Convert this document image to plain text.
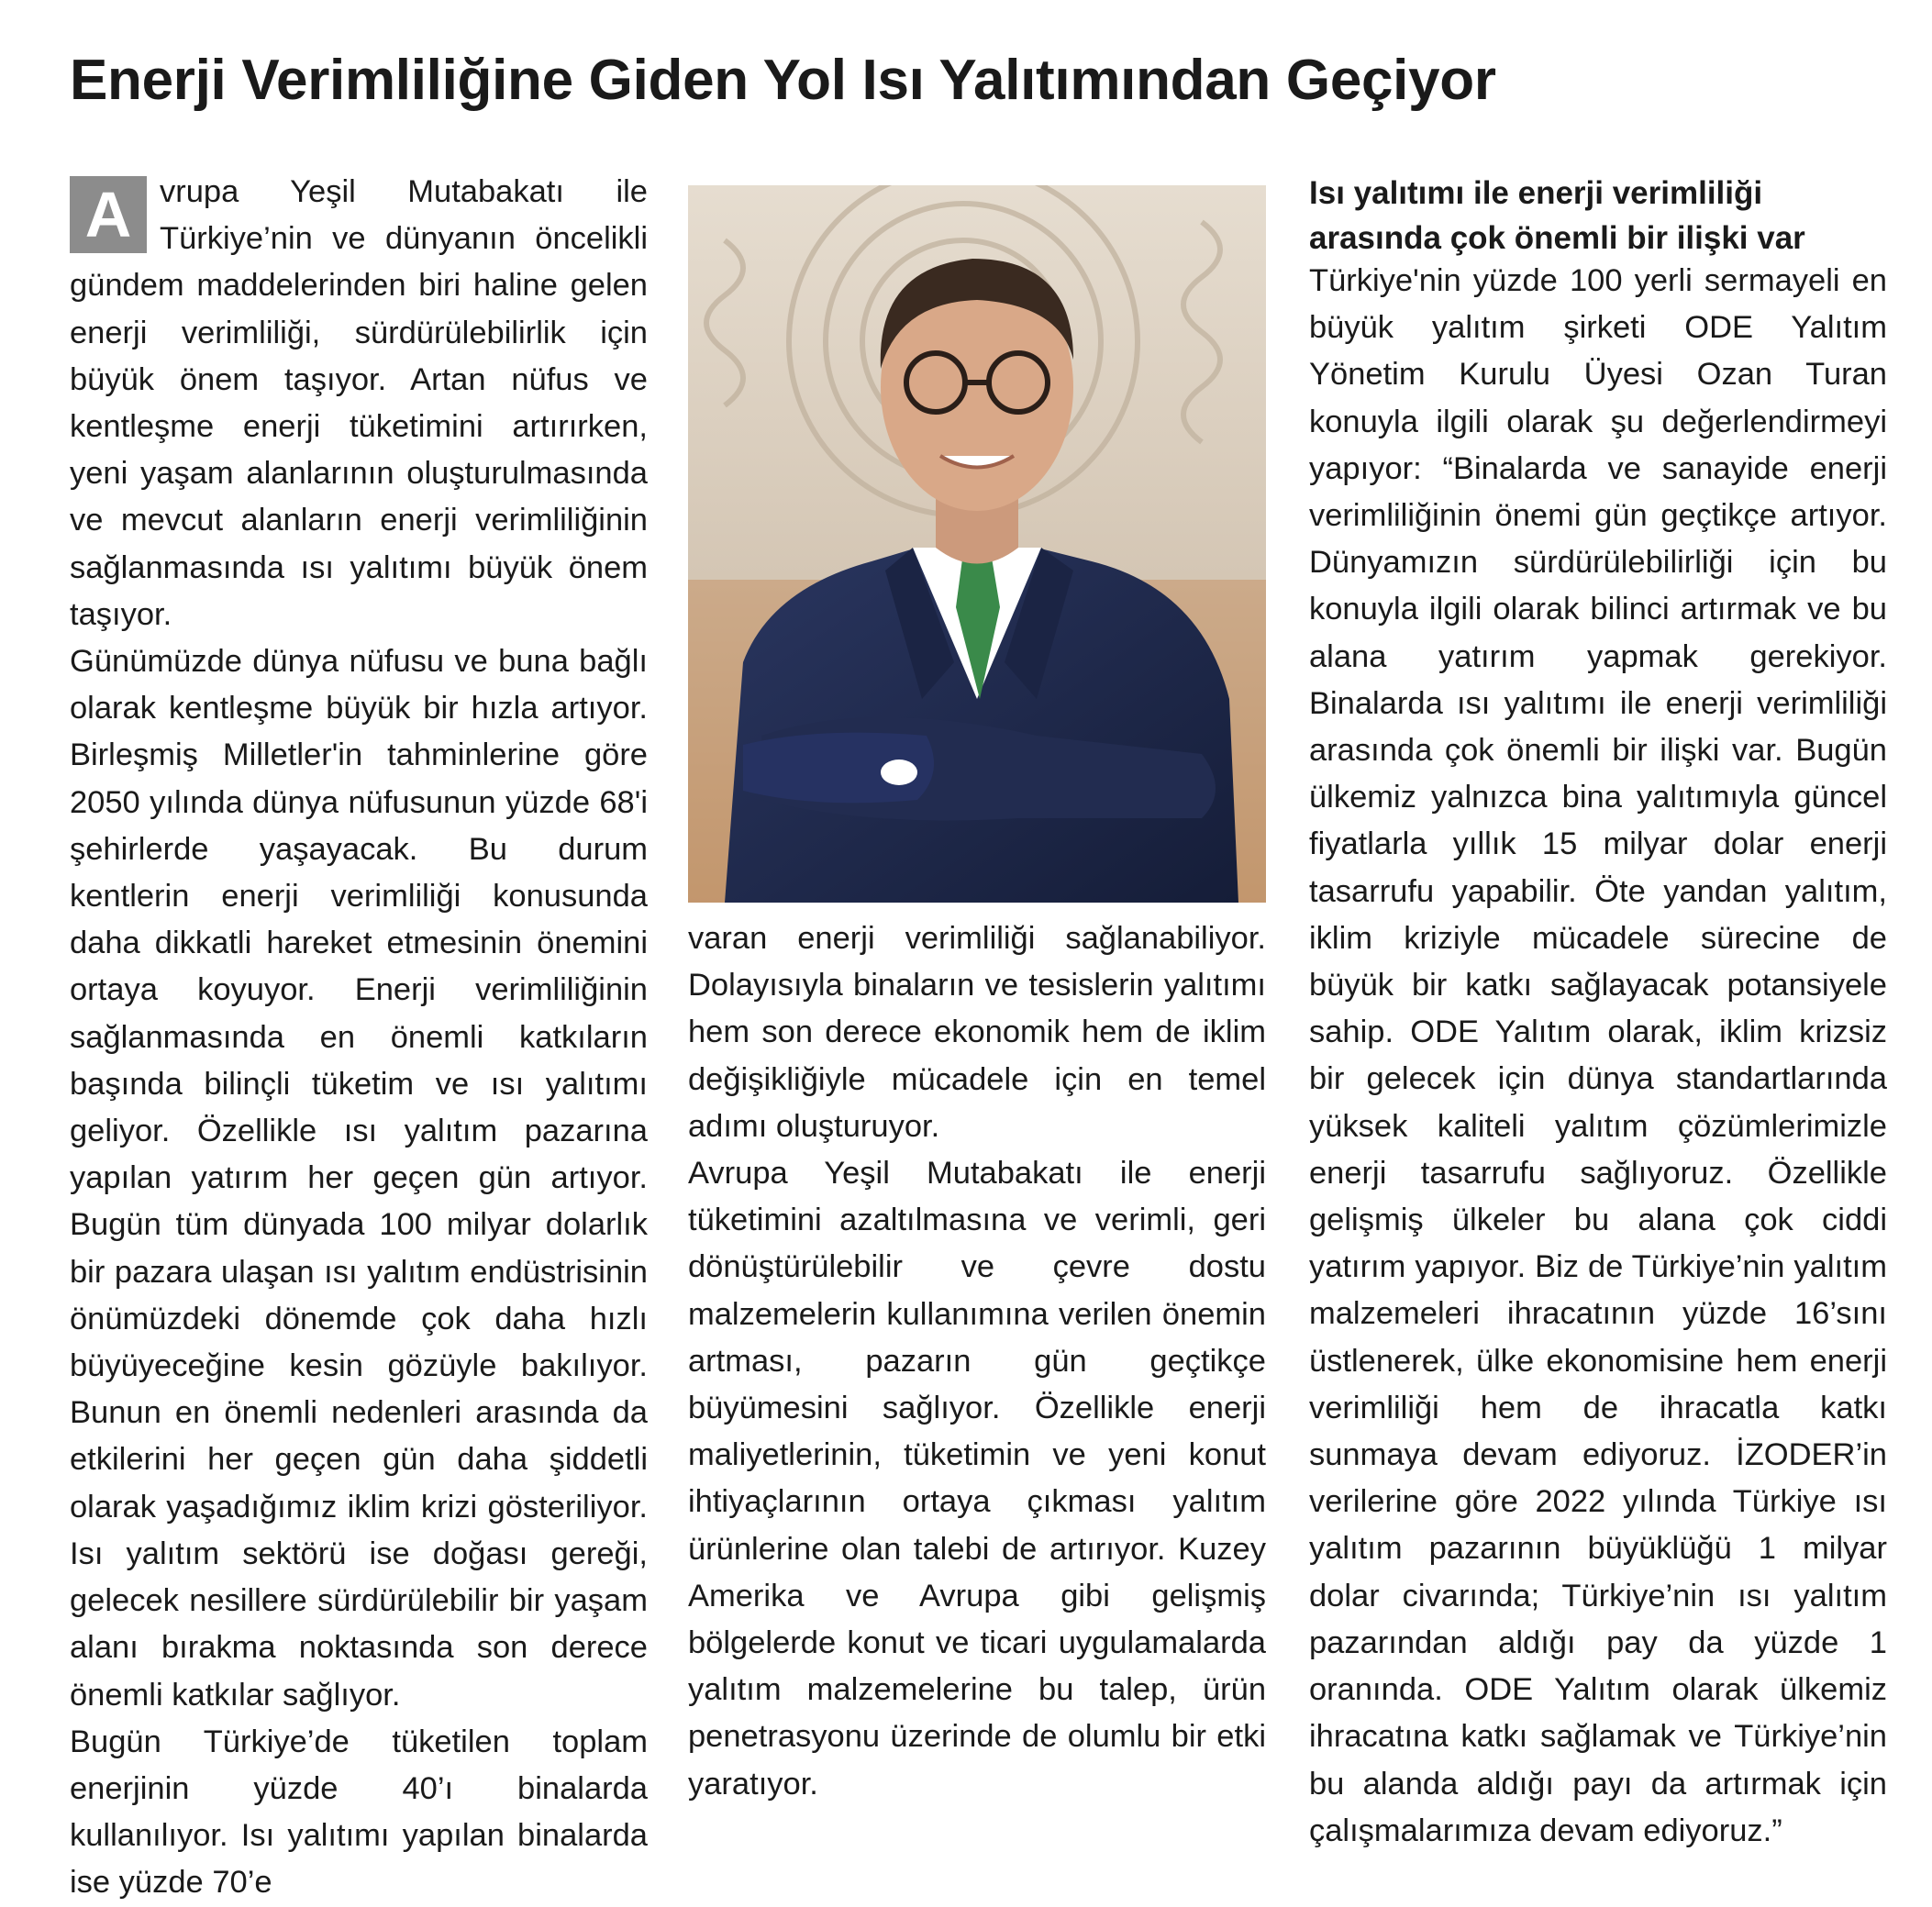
Enerji Verimliliğine Giden Yol Isı Yalıtımından Geçiyor

A vrupa Yeşil Mutabakatı ile Türkiye’nin ve dünyanın öncelikli gündem maddelerinden biri haline gelen enerji verimliliği, sürdürülebilirlik için büyük önem taşıyor. Artan nüfus ve kentleşme enerji tüketimini artırırken, yeni yaşam alanlarının oluşturulmasında ve mevcut alanların enerji verimliliğinin sağlanmasında ısı yalıtımı büyük önem taşıyor.

Günümüzde dünya nüfusu ve buna bağlı olarak kentleşme büyük bir hızla artıyor. Birleşmiş Milletler'in tahminlerine göre 2050 yılında dünya nüfusunun yüzde 68'i şehirlerde yaşayacak. Bu durum kentlerin enerji verimliliği konusunda daha dikkatli hareket etmesinin önemini ortaya koyuyor. Enerji verimliliğinin sağlanmasında en önemli katkıların başında bilinçli tüketim ve ısı yalıtımı geliyor. Özellikle ısı yalıtım pazarına yapılan yatırım her geçen gün artıyor. Bugün tüm dünyada 100 milyar dolarlık bir pazara ulaşan ısı yalıtım endüstrisinin önümüzdeki dönemde çok daha hızlı büyüyeceğine kesin gözüyle bakılıyor. Bunun en önemli nedenleri arasında da etkilerini her geçen gün daha şiddetli olarak yaşadığımız iklim krizi gösteriliyor. Isı yalıtım sektörü ise doğası gereği, gelecek nesillere sürdürülebilir bir yaşam alanı bırakma noktasında son derece önemli katkılar sağlıyor.

Bugün Türkiye’de tüketilen toplam enerjinin yüzde 40’ı binalarda kullanılıyor. Isı yalıtımı yapılan binalarda ise yüzde 70’e

varan enerji verimliliği sağlanabiliyor. Dolayısıyla binaların ve tesislerin yalıtımı hem son derece ekonomik hem de iklim değişikliğiyle mücadele için en temel adımı oluşturuyor.

Avrupa Yeşil Mutabakatı ile enerji tüketimini azaltılmasına ve verimli, geri dönüştürülebilir ve çevre dostu malzemelerin kullanımına verilen önemin artması, pazarın gün geçtikçe büyümesini sağlıyor. Özellikle enerji maliyetlerinin, tüketimin ve yeni konut ihtiyaçlarının ortaya çıkması yalıtım ürünlerine olan talebi de artırıyor. Kuzey Amerika ve Avrupa gibi gelişmiş bölgelerde konut ve ticari uygulamalarda yalıtım malzemelerine bu talep, ürün penetrasyonu üzerinde de olumlu bir etki yaratıyor.

Isı yalıtımı ile enerji verimliliği arasında çok önemli bir ilişki var

Türkiye'nin yüzde 100 yerli sermayeli en büyük yalıtım şirketi ODE Yalıtım Yönetim Kurulu Üyesi Ozan Turan konuyla ilgili olarak şu değerlendirmeyi yapıyor: “Binalarda ve sanayide enerji verimliliğinin önemi gün geçtikçe artıyor. Dünyamızın sürdürülebilirliği için bu konuyla ilgili olarak bilinci artırmak ve bu alana yatırım yapmak gerekiyor. Binalarda ısı yalıtımı ile enerji verimliliği arasında çok önemli bir ilişki var. Bugün ülkemiz yalnızca bina yalıtımıyla güncel fiyatlarla yıllık 15 milyar dolar enerji tasarrufu yapabilir. Öte yandan yalıtım, iklim kriziyle mücadele sürecine de büyük bir katkı sağlayacak potansiyele sahip. ODE Yalıtım olarak, iklim krizsiz bir gelecek için dünya standartlarında yüksek kaliteli yalıtım çözümlerimizle enerji tasarrufu sağlıyoruz. Özellikle gelişmiş ülkeler bu alana çok ciddi yatırım yapıyor. Biz de Türkiye’nin yalıtım malzemeleri ihracatının yüzde 16’sını üstlenerek, ülke ekonomisine hem enerji verimliliği hem de ihracatla katkı sunmaya devam ediyoruz. İZODER’in verilerine göre 2022 yılında Türkiye ısı yalıtım pazarının büyüklüğü 1 milyar dolar civarında; Türkiye’nin ısı yalıtım pazarından aldığı pay da yüzde 1 oranında. ODE Yalıtım olarak ülkemiz ihracatına katkı sağlamak ve Türkiye’nin bu alanda aldığı payı da artırmak için çalışmalarımıza devam ediyoruz.”
